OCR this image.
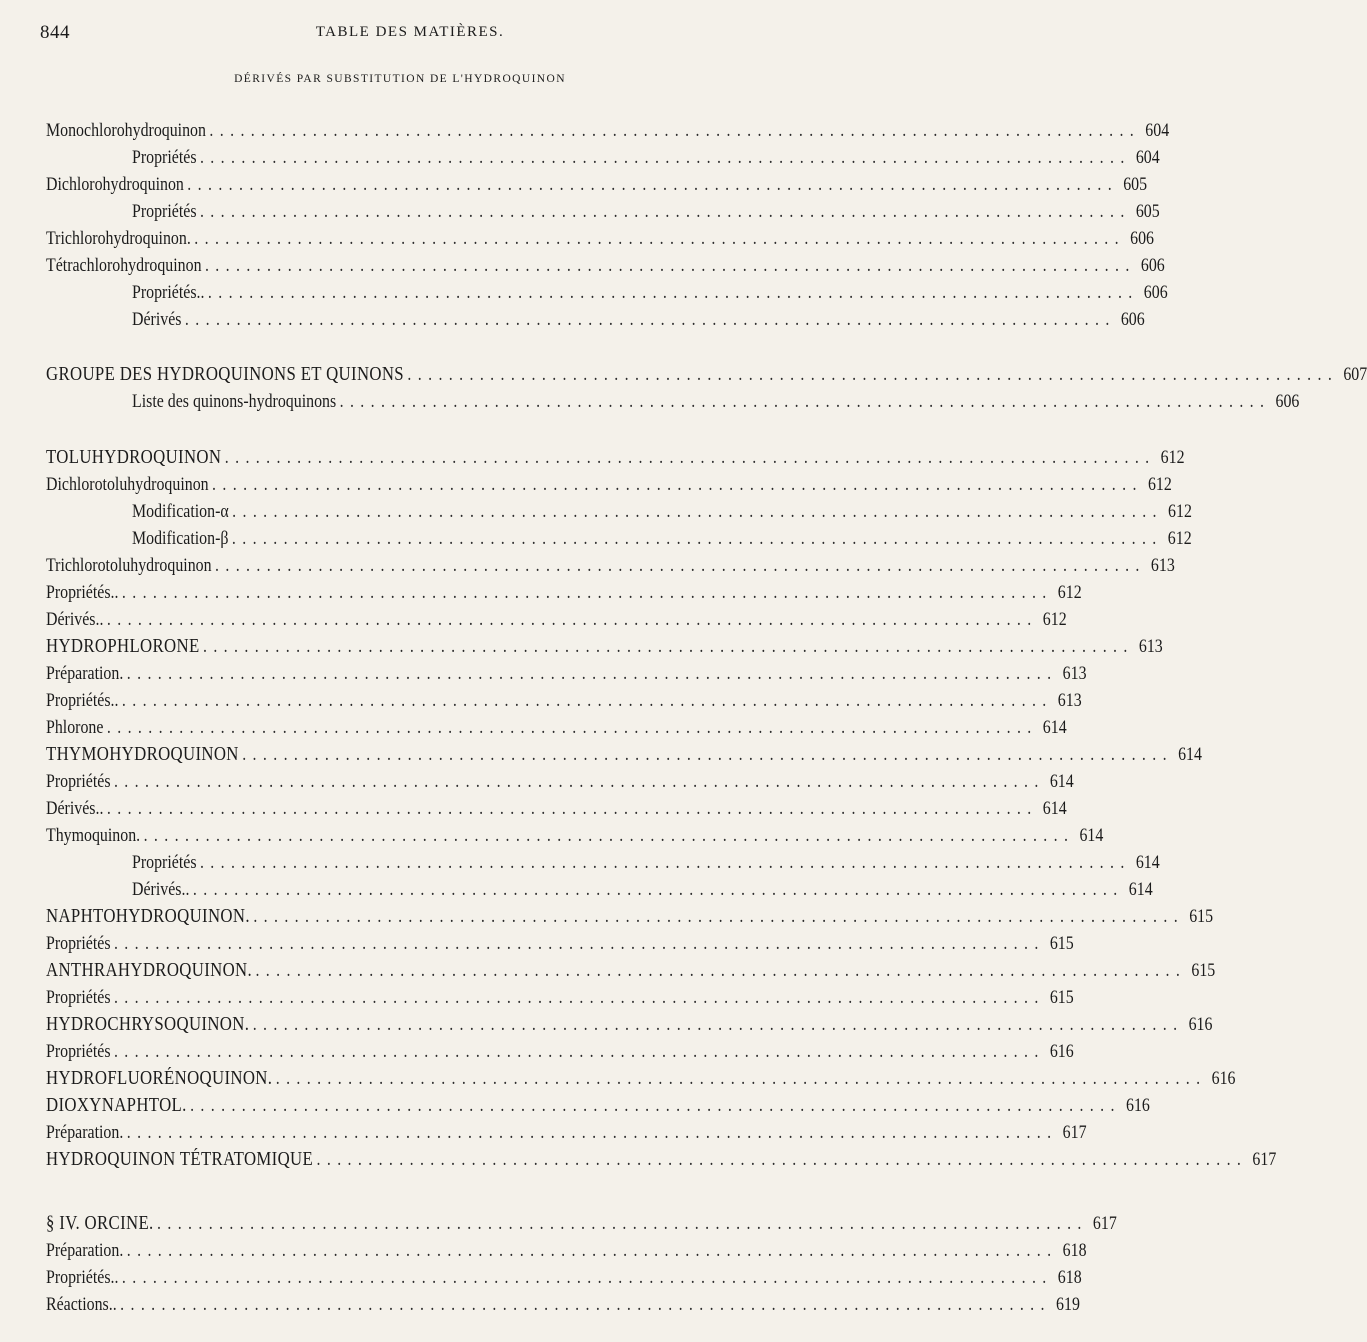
844	TABLE DES MATIÈRES.
DÉRIVÉS PAR SUBSTITUTION DE L'HYDROQUINON
Monochlorohydroquinon .......................................................................................... 604
Propriétés .......................................................................................... 604
Dichlorohydroquinon .......................................................................................... 605
Propriétés .......................................................................................... 605
Trichlorohydroquinon. .......................................................................................... 606
Tétrachlorohydroquinon .......................................................................................... 606
Propriétés.. .......................................................................................... 606
Dérivés .......................................................................................... 606
GROUPE DES HYDROQUINONS ET QUINONS .......................................................................................... 607
Liste des quinons-hydroquinons .......................................................................................... 606
TOLUHYDROQUINON .......................................................................................... 612
Dichlorotoluhydroquinon .......................................................................................... 612
Modification-α .......................................................................................... 612
Modification-β .......................................................................................... 612
Trichlorotoluhydroquinon .......................................................................................... 613
Propriétés.. .......................................................................................... 612
Dérivés.. .......................................................................................... 612
HYDROPHLORONE .......................................................................................... 613
Préparation. .......................................................................................... 613
Propriétés.. .......................................................................................... 613
Phlorone .......................................................................................... 614
THYMOHYDROQUINON .......................................................................................... 614
Propriétés .......................................................................................... 614
Dérivés.. .......................................................................................... 614
Thymoquinon. .......................................................................................... 614
Propriétés .......................................................................................... 614
Dérivés.. .......................................................................................... 614
NAPHTOHYDROQUINON. .......................................................................................... 615
Propriétés .......................................................................................... 615
ANTHRAHYDROQUINON. .......................................................................................... 615
Propriétés .......................................................................................... 615
HYDROCHRYSOQUINON. .......................................................................................... 616
Propriétés .......................................................................................... 616
HYDROFLUORÉNOQUINON. .......................................................................................... 616
DIOXYNAPHTOL. .......................................................................................... 616
Préparation. .......................................................................................... 617
HYDROQUINON TÉTRATOMIQUE .......................................................................................... 617
§ IV. ORCINE. .......................................................................................... 617
Préparation. .......................................................................................... 618
Propriétés.. .......................................................................................... 618
Réactions.. .......................................................................................... 619
